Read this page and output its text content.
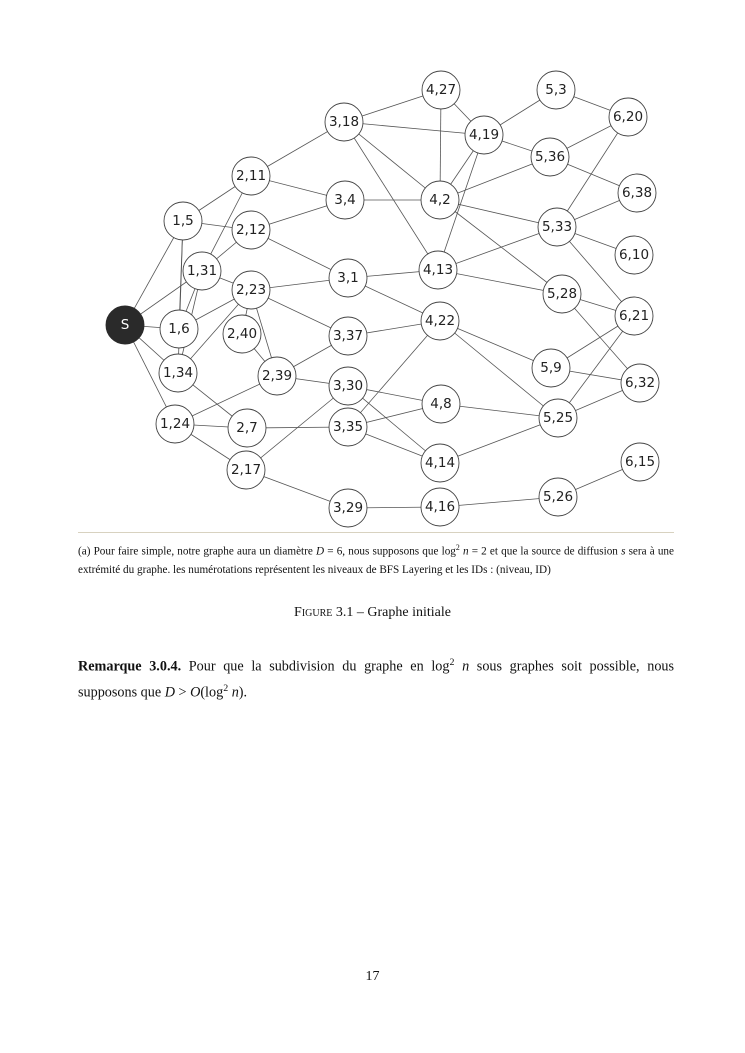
S
1,5
1,31
1,6
1,34
1,24
2,11
2,12
2,23
2,40
2,39
2,7
2,17
3,18
3,4
3,1
3,37
3,30
3,35
3,29
4,27
4,19
4,2
4,13
4,22
4,8
4,14
4,16
5,3
5,36
5,33
5,28
5,9
5,25
5,26
6,20
6,38
6,10
6,21
6,32
6,15
(a) Pour faire simple, notre graphe aura un diamètre D = 6, nous supposons que $\log^2 n = 2$ et que la source de diffusion s sera à une extrémité du graphe. les numérotations représentent les niveaux de BFS Layering et les IDs : (niveau, ID)
Figure 3.1 – Graphe initiale
Remarque 3.0.4. Pour que la subdivision du graphe en $\log^2 n$ sous graphes soit possible, nous supposons que $D > O(\log^2$ n).
17
